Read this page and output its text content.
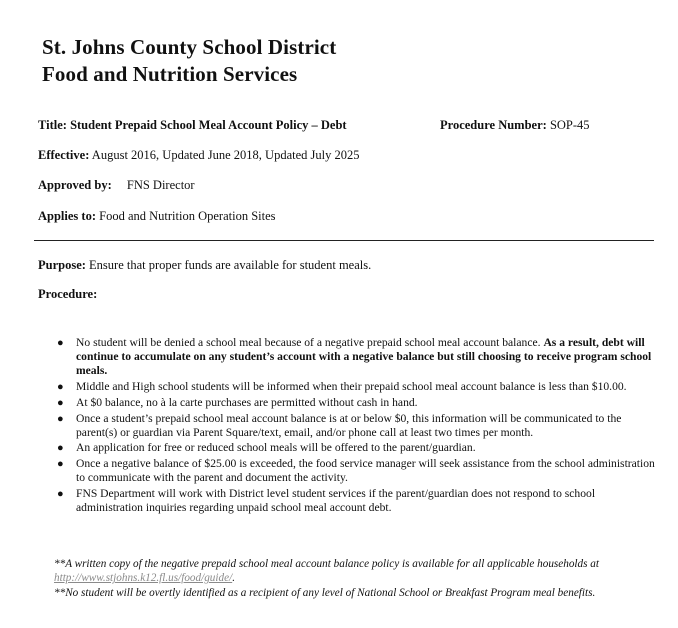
St. Johns County School District
Food and Nutrition Services
Title: Student Prepaid School Meal Account Policy – Debt	Procedure Number: SOP-45
Effective: August 2016, Updated June 2018, Updated July 2025
Approved by: FNS Director
Applies to: Food and Nutrition Operation Sites
Purpose: Ensure that proper funds are available for student meals.
Procedure:
● No student will be denied a school meal because of a negative prepaid school meal account balance. As a result, debt will continue to accumulate on any student’s account with a negative balance but still choosing to receive program school meals.
● Middle and High school students will be informed when their prepaid school meal account balance is less than $10.00.
● At $0 balance, no à la carte purchases are permitted without cash in hand.
● Once a student’s prepaid school meal account balance is at or below $0, this information will be communicated to the parent(s) or guardian via Parent Square/text, email, and/or phone call at least two times per month.
● An application for free or reduced school meals will be offered to the parent/guardian.
● Once a negative balance of $25.00 is exceeded, the food service manager will seek assistance from the school administration to communicate with the parent and document the activity.
● FNS Department will work with District level student services if the parent/guardian does not respond to school administration inquiries regarding unpaid school meal account debt.
**A written copy of the negative prepaid school meal account balance policy is available for all applicable households at http://www.stjohns.k12.fl.us/food/guide/.
**No student will be overtly identified as a recipient of any level of National School or Breakfast Program meal benefits.
